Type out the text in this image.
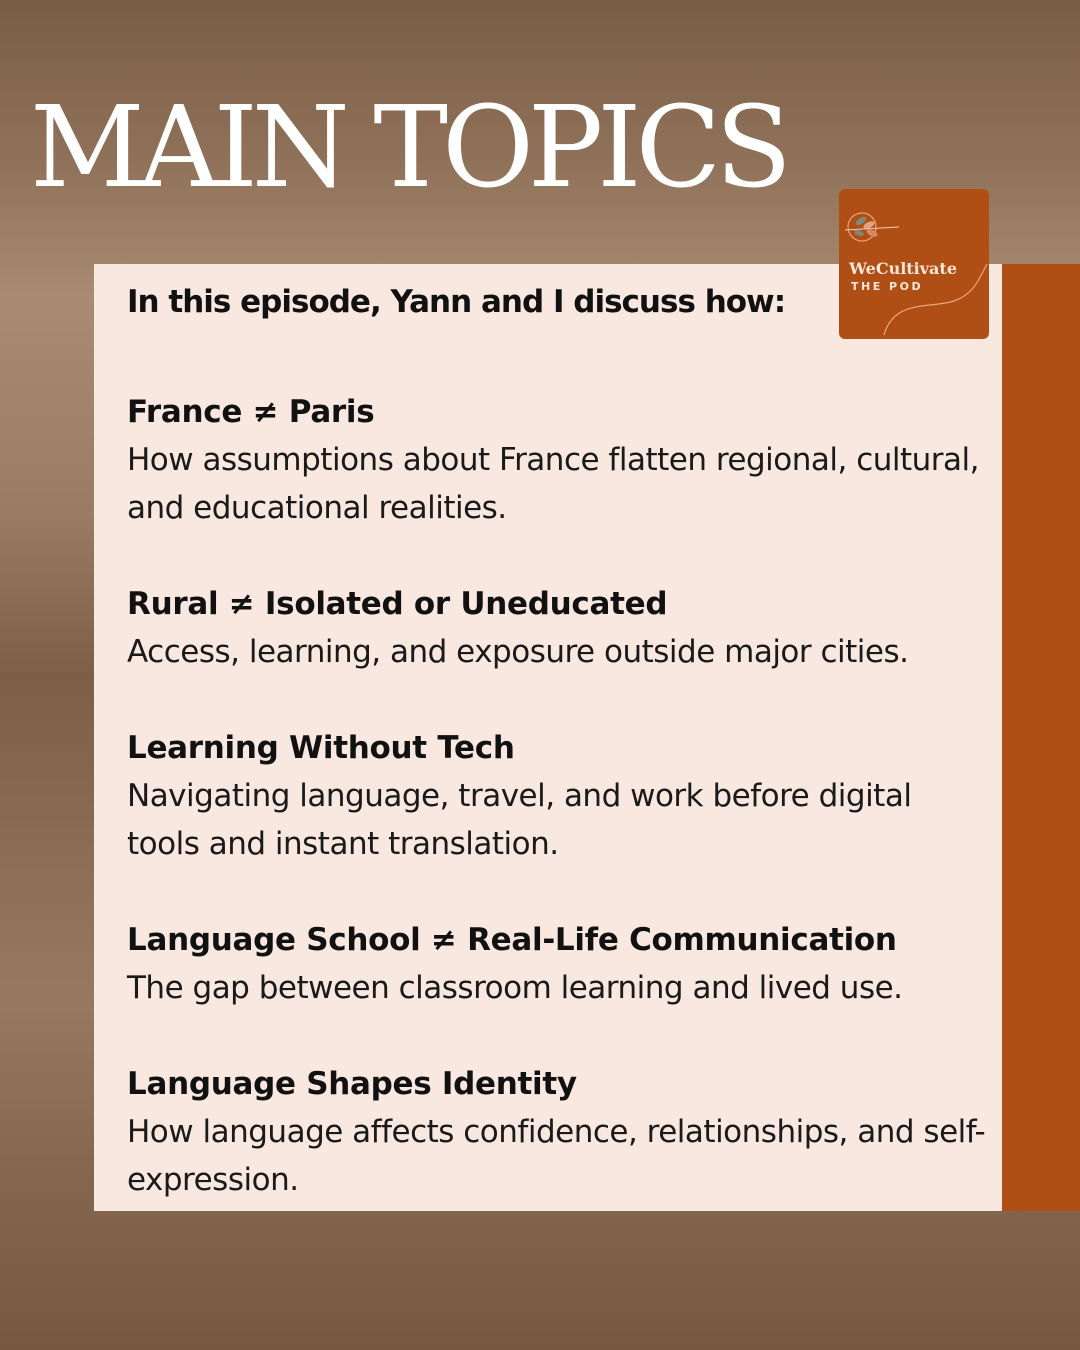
MAIN TOPICS

In this episode, Yann and I discuss how:

France ≠ Paris

How assumptions about France flatten regional, cultural, and educational realities.

Rural ≠ Isolated or Uneducated

Access, learning, and exposure outside major cities.

Learning Without Tech

Navigating language, travel, and work before digital tools and instant translation.

Language School ≠ Real-Life Communication

The gap between classroom learning and lived use.

Language Shapes Identity

How language affects confidence, relationships, and self-expression.

WeCultivate
THE POD
